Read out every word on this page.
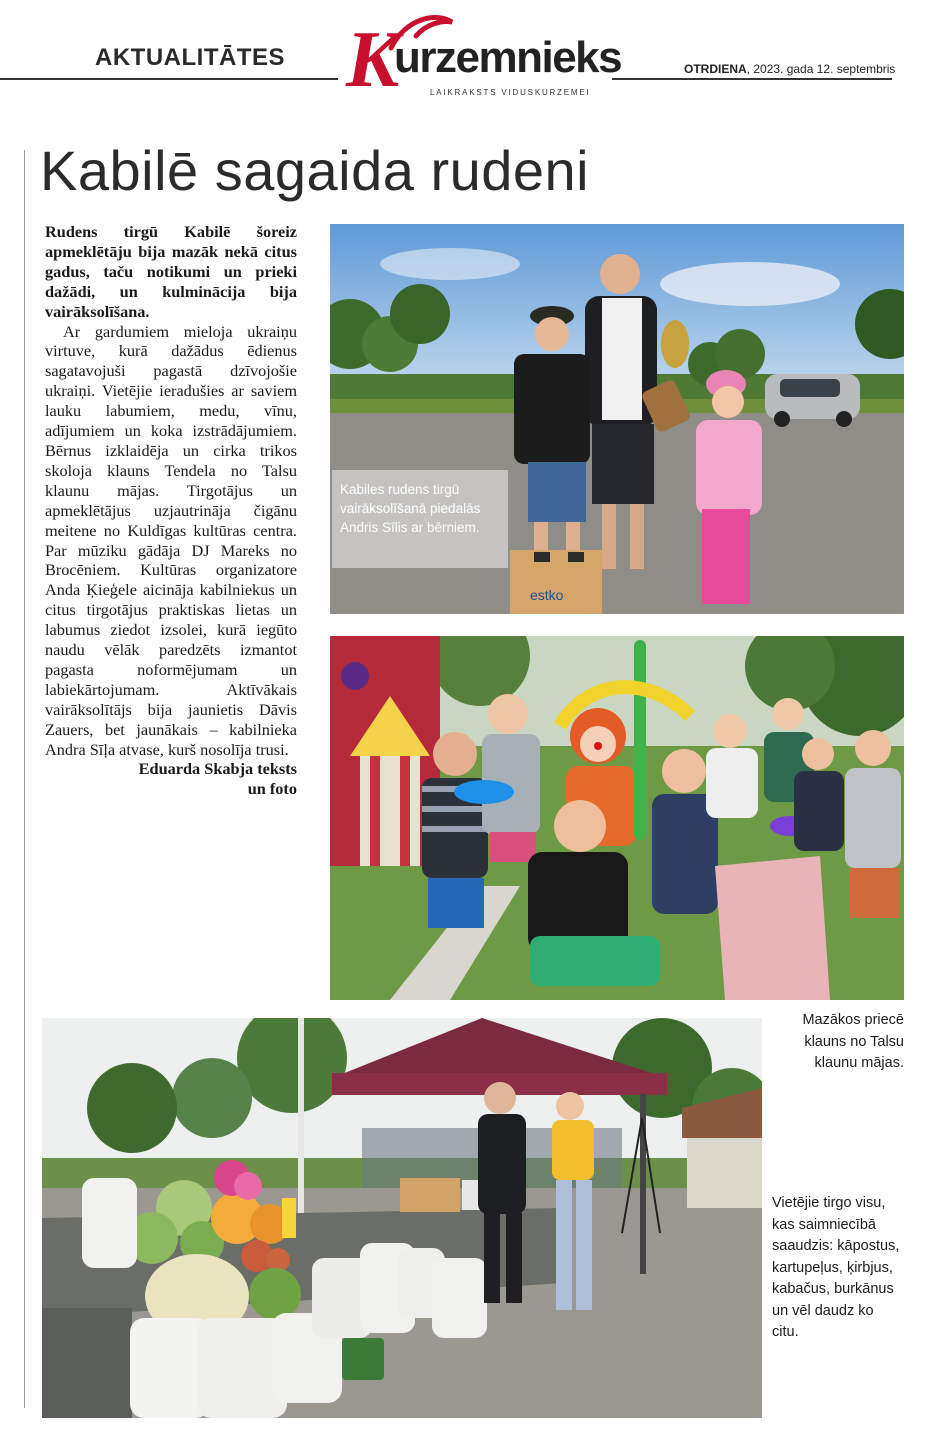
AKTUALITĀTES K
urzemnieks
LAIKRAKSTS VIDUSKURZEMEI
OTRDIENA, 2023. gada 12. septembris
Kabilē sagaida rudeni

Rudens tirgū Kabilē šoreiz apmeklētāju bija mazāk nekā citus gadus, taču notikumi un prieki dažādi, un kulminācija bija vairāksolīšana.

Ar gardumiem mieloja ukraiņu virtuve, kurā dažādus ēdienus sagatavojuši pagastā dzīvojošie ukraiņi. Vietējie ieradušies ar saviem lauku labumiem, medu, vīnu, adījumiem un koka izstrādājumiem. Bērnus izklaidēja un cirka trikos skoloja klauns Tendela no Talsu klaunu mājas. Tirgotājus un apmeklētājus uzjautrināja čigānu meitene no Kuldīgas kultūras centra. Par mūziku gādāja DJ Mareks no Brocēniem. Kultūras organizatore Anda Ķieģele aicināja kabilniekus un citus tirgotājus praktiskas lietas un labumus ziedot izsolei, kurā iegūto naudu vēlāk paredzēts izmantot pagasta noformējumam un labiekārtojumam. Aktīvākais vairāksolītājs bija jaunietis Dāvis Zauers, bet jaunākais – kabilnieka Andra Sīļa atvase, kurš nosolīja trusi.

Eduarda Skabja teksts

un foto

estko
Kabiles rudens tirgū vairāksolīšanā piedalās Andris Sīlis ar bērniem.
Mazākos priecē klauns no Talsu klaunu mājas.
Vietējie tirgo visu, kas saimniecībā saaudzis: kāpostus, kartupeļus, ķirbjus, kabačus, burkānus un vēl daudz ko citu.
